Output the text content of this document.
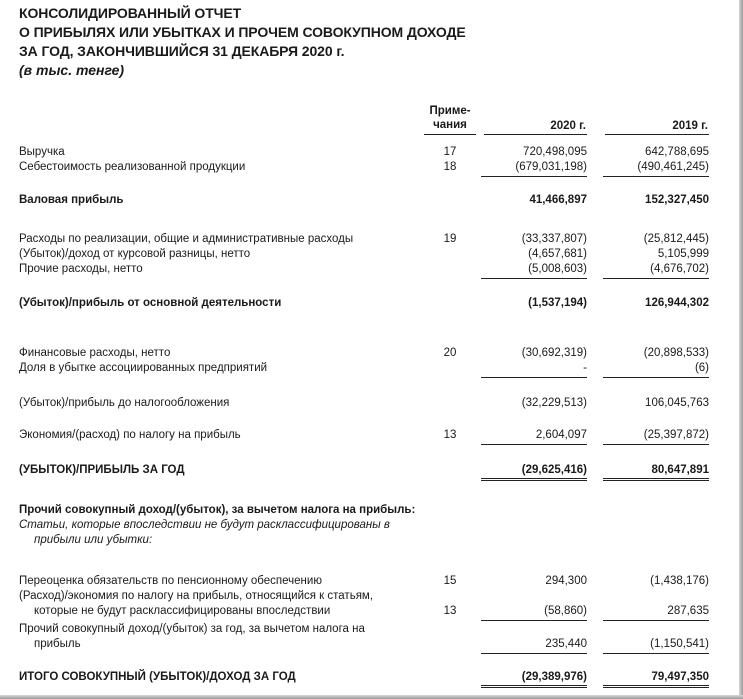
КОНСОЛИДИРОВАННЫЙ ОТЧЕТ
О ПРИБЫЛЯХ ИЛИ УБЫТКАХ И ПРОЧЕМ СОВОКУПНОМ ДОХОДЕ
ЗА ГОД, ЗАКОНЧИВШИЙСЯ 31 ДЕКАБРЯ 2020 г.
(в тыс. тенге)
Приме-
чания	2020 г.	2019 г.
Выручка	17	720,498,095	642,788,695
Себестоимость реализованной продукции	18	(679,031,198)	(490,461,245)
Валовая прибыль	41,466,897	152,327,450
Расходы по реализации, общие и административные расходы	19	(33,337,807)	(25,812,445)
(Убыток)/доход от курсовой разницы, нетто	(4,657,681)	5,105,999
Прочие расходы, нетто	(5,008,603)	(4,676,702)
(Убыток)/прибыль от основной деятельности	(1,537,194)	126,944,302
Финансовые расходы, нетто	20	(30,692,319)	(20,898,533)
Доля в убытке ассоциированных предприятий	-	(6)
(Убыток)/прибыль до налогообложения	(32,229,513)	106,045,763
Экономия/(расход) по налогу на прибыль	13	2,604,097	(25,397,872)
(УБЫТОК)/ПРИБЫЛЬ ЗА ГОД	(29,625,416)	80,647,891
Прочий совокупный доход/(убыток), за вычетом налога на прибыль:
Статьи, которые впоследствии не будут расклассифицированы в
прибыли или убытки:
Переоценка обязательств по пенсионному обеспечению	15	294,300	(1,438,176)
(Расход)/экономия по налогу на прибыль, относящийся к статьям,
которые не будут расклассифицированы впоследствии	13	(58,860)	287,635
Прочий совокупный доход/(убыток) за год, за вычетом налога на
прибыль	235,440	(1,150,541)
ИТОГО СОВОКУПНЫЙ (УБЫТОК)/ДОХОД ЗА ГОД	(29,389,976)	79,497,350
